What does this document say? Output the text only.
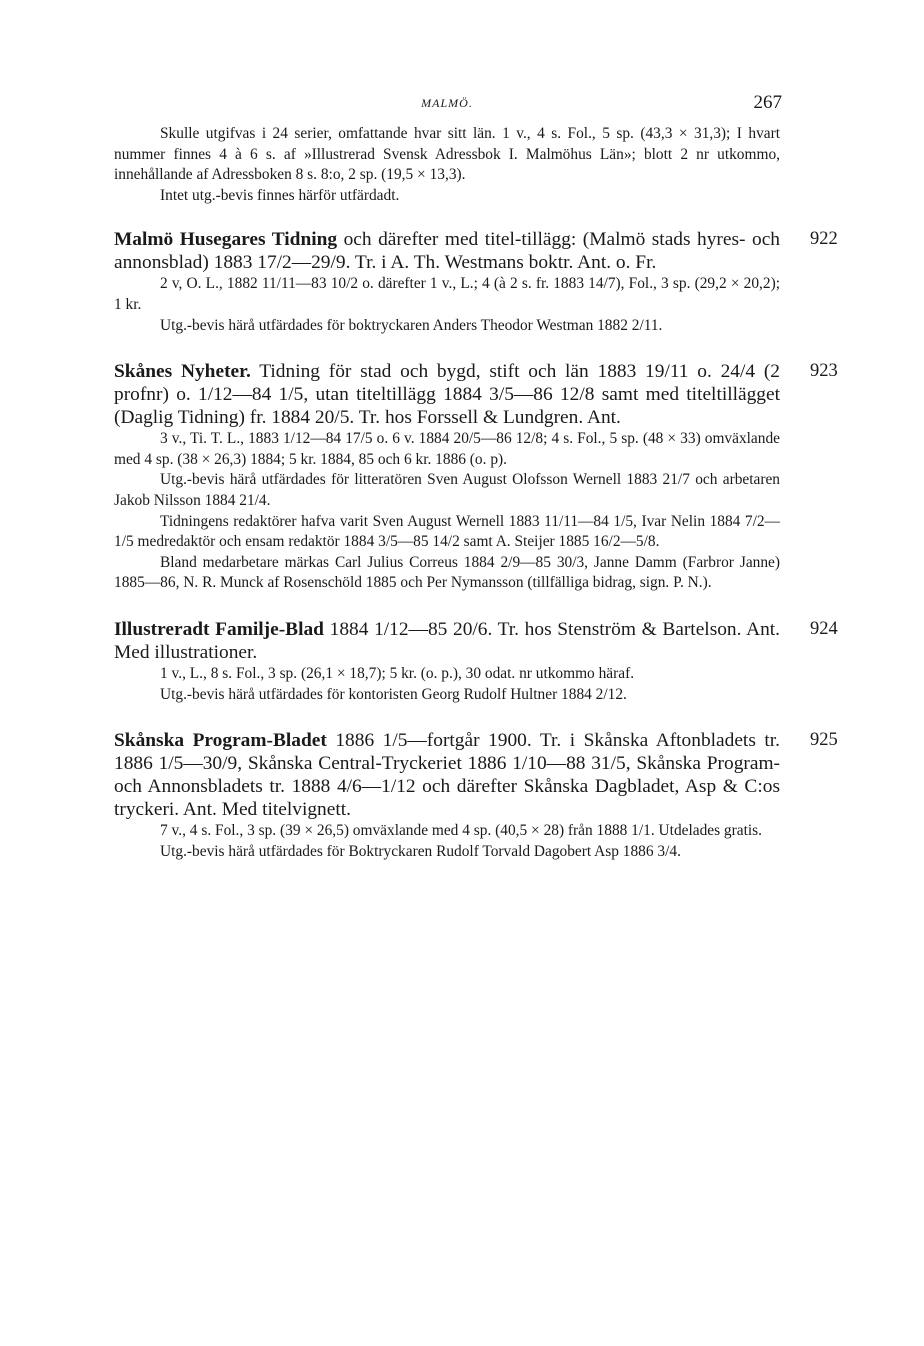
MALMÖ.	267

Skulle utgifvas i 24 serier, omfattande hvar sitt län. 1 v., 4 s. Fol., 5 sp. (43,3 × 31,3); I hvart nummer finnes 4 à 6 s. af »Illustrerad Svensk Adressbok I. Malmöhus Län»; blott 2 nr utkommo, innehållande af Adressboken 8 s. 8:o, 2 sp. (19,5 × 13,3).

Intet utg.-bevis finnes härför utfärdadt.

Malmö Husegares Tidning och därefter med titel-tillägg: (Malmö stads hyres- och annonsblad) 1883 17/2—29/9. Tr. i A. Th. Westmans boktr. Ant. o. Fr.
922

2 v, O. L., 1882 11/11—83 10/2 o. därefter 1 v., L.; 4 (à 2 s. fr. 1883 14/7), Fol., 3 sp. (29,2 × 20,2); 1 kr.

Utg.-bevis härå utfärdades för boktryckaren Anders Theodor Westman 1882 2/11.

Skånes Nyheter. Tidning för stad och bygd, stift och län 1883 19/11 o. 24/4 (2 profnr) o. 1/12—84 1/5, utan titeltillägg 1884 3/5—86 12/8 samt med titeltillägget (Daglig Tidning) fr. 1884 20/5. Tr. hos Forssell & Lundgren. Ant.
923

3 v., Ti. T. L., 1883 1/12—84 17/5 o. 6 v. 1884 20/5—86 12/8; 4 s. Fol., 5 sp. (48 × 33) omväxlande med 4 sp. (38 × 26,3) 1884; 5 kr. 1884, 85 och 6 kr. 1886 (o. p).

Utg.-bevis härå utfärdades för litteratören Sven August Olofsson Wernell 1883 21/7 och arbetaren Jakob Nilsson 1884 21/4.

Tidningens redaktörer hafva varit Sven August Wernell 1883 11/11—84 1/5, Ivar Nelin 1884 7/2—1/5 medredaktör och ensam redaktör 1884 3/5—85 14/2 samt A. Steijer 1885 16/2—5/8.

Bland medarbetare märkas Carl Julius Correus 1884 2/9—85 30/3, Janne Damm (Farbror Janne) 1885—86, N. R. Munck af Rosenschöld 1885 och Per Nymansson (tillfälliga bidrag, sign. P. N.).

Illustreradt Familje-Blad 1884 1/12—85 20/6. Tr. hos Stenström & Bartelson. Ant. Med illustrationer.
924

1 v., L., 8 s. Fol., 3 sp. (26,1 × 18,7); 5 kr. (o. p.), 30 odat. nr utkommo häraf.

Utg.-bevis härå utfärdades för kontoristen Georg Rudolf Hultner 1884 2/12.

Skånska Program-Bladet 1886 1/5—fortgår 1900. Tr. i Skånska Aftonbladets tr. 1886 1/5—30/9, Skånska Central-Tryckeriet 1886 1/10—88 31/5, Skånska Program- och Annonsbladets tr. 1888 4/6—1/12 och därefter Skånska Dagbladet, Asp & C:os tryckeri. Ant. Med titelvignett.
925

7 v., 4 s. Fol., 3 sp. (39 × 26,5) omväxlande med 4 sp. (40,5 × 28) från 1888 1/1. Utdelades gratis.

Utg.-bevis härå utfärdades för Boktryckaren Rudolf Torvald Dagobert Asp 1886 3/4.
